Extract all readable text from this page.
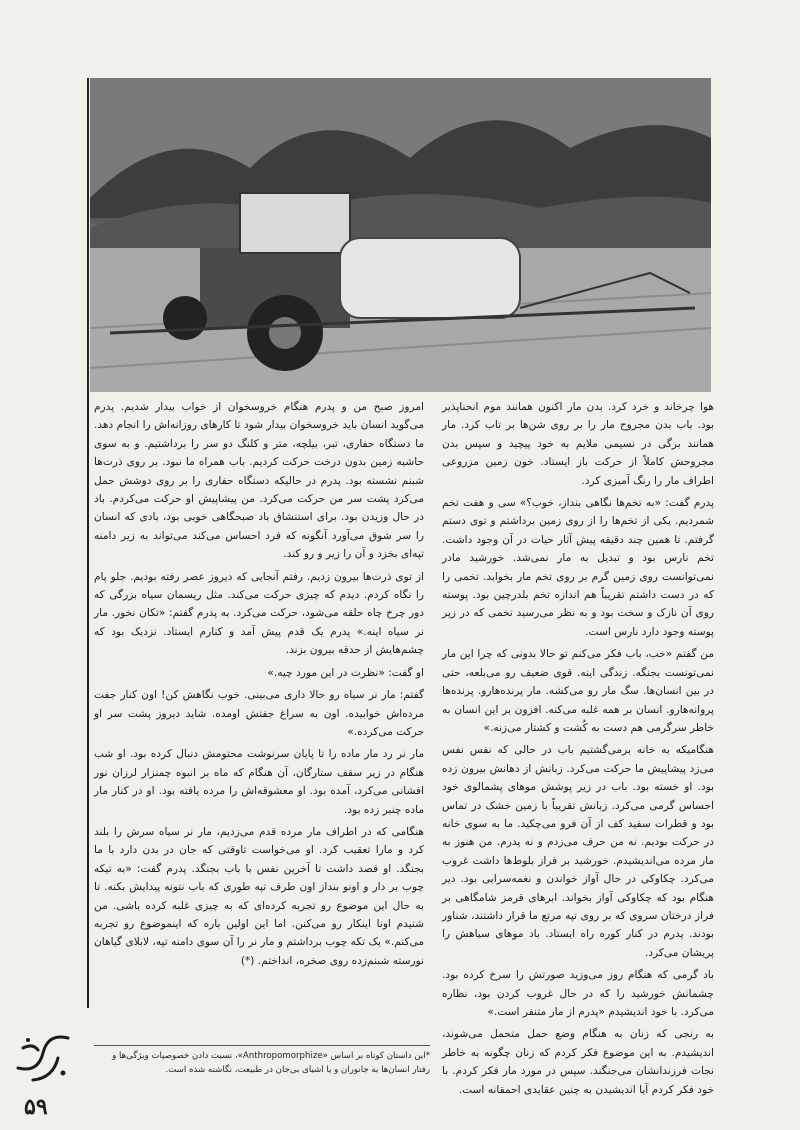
هوا چرخاند و خرد کرد. بدن مار اکنون همانند موم انحناپذیر بود. باب بدن مجروح مار را بر روی شن‌ها بر تاب کرد. مار همانند برگی در نسیمی ملایم به خود پیچید و سپس بدن مجروحش کاملاً از حرکت باز ایستاد. خون زمین مزروعی اطراف مار را رنگ آمیزی کرد.

پدرم گفت: «به تخم‌ها نگاهی بنداز، خوب؟» سی و هفت تخم شمردیم. یکی از تخم‌ها را از روی زمین برداشتم و توی دستم گرفتم. تا همین چند دقیقه پیش آثار حیات در آن وجود داشت. تخم نارس بود و تبدیل به مار نمی‌شد. خورشید مادر نمی‌توانست روی زمین گرم بر روی تخم مار بخوابد. تخمی را که در دست داشتم تقریباً هم اندازه تخم بلدرچین بود. پوسته روی آن نازک و سخت بود و به نظر می‌رسید تخمی که در زیر پوسته وجود دارد نارس است.

من گفتم «خب، باب فکر می‌کنم تو حالا بدونی که چرا این مار نمی‌تونست بجنگه. زندگی اینه. قوی ضعیف رو می‌بلعه، حتی در بین انسان‌ها. سگ مار رو می‌کشه. مار پرنده‌هارو. پرنده‌ها پروانه‌هارو. انسان بر همه غلبه می‌کنه. افزون بر این انسان به خاطر سرگرمی هم دست به کُشت و کشتار می‌زنه.»

هنگامیکه به خانه برمی‌گشتیم باب در حالی که نفس نفس می‌زد پیشاپیش ما حرکت می‌کرد. زبانش از دهانش بیرون زده بود. او خسته بود. باب در زیر پوشش موهای پشمالوی خود احساس گرمی می‌کرد. زبانش تقریباً با زمین خشک در تماس بود و قطرات سفید کف از آن فرو می‌چکید. ما به سوی خانه در حرکت بودیم. نه من حرف می‌زدم و نه پدرم. من هنوز به مار مرده می‌اندیشیدم. خورشید بر فراز بلوط‌ها داشت غروب می‌کرد. چکاوکی در حال آواز خواندن و نغمه‌سرایی بود. دیر هنگام بود که چکاوکی آواز بخواند. ابرهای قرمز شامگاهی بر فراز درختان سروی که بر روی تپه مرتع ما قرار داشتند، شناور بودند. پدرم در کنار کوره راه ایستاد. باد موهای سیاهش را پریشان می‌کرد.

باد گرمی که هنگام روز می‌وزید صورتش را سرخ کرده بود. چشمانش خورشید را که در حال غروب کردن بود، نظاره می‌کرد. با خود اندیشیدم «پدرم از مار متنفر است.»

به رنجی که زنان به هنگام وضع حمل متحمل می‌شوند، اندیشیدم. به این موضوع فکر کردم که زنان چگونه به خاطر نجات فرزندانشان می‌جنگند. سپس در مورد مار فکر کردم. با خود فکر کردم آیا اندیشیدن به چنین عقایدی احمقانه است.

امروز صبح من و پدرم هنگام خروسخوان از خواب بیدار شدیم. پدرم می‌گوید انسان باید خروسخوان بیدار شود تا کارهای روزانه‌اش را انجام دهد. ما دستگاه حفاری، تبر، بیلچه، متر و کلنگ دو سر را برداشتیم. و به سوی حاشیه زمین بدون درخت حرکت کردیم. باب همراه ما نبود. بر روی ذرت‌ها شبنم نشسته بود. پدرم در حالیکه دستگاه حفاری را بر روی دوشش حمل می‌کرد پشت سر من حرکت می‌کرد. من پیشاپیش او حرکت می‌کردم. باد در حال وزیدن بود. برای استنشاق باد صبحگاهی خوبی بود، بادی که انسان را سر شوق می‌آورد آنگونه که فرد احساس می‌کند می‌تواند به زیر دامنه تپه‌ای بخزد و آن را زیر و رو کند.

از توی ذرت‌ها بیرون زدیم. رفتم آنجایی که دیروز عصر رفته بودیم. جلو پام را نگاه کردم. دیدم که چیزی حرکت می‌کند. مثل ریسمان سیاه بزرگی که دور چرخ چاه حلقه می‌شود، حرکت می‌کرد. به پدرم گفتم: «تکان نخور. مار نر سیاه اینه.» پدرم یک قدم پیش آمد و کنارم ایستاد. نزدیک بود که چشم‌هایش از حدقه بیرون بزند.

او گفت: «نظرت در این مورد چیه.»

گفتم: مار نر سیاه رو حالا داری می‌بینی. خوب نگاهش کن! اون کنار جفت مرده‌اش خوابیده. اون به سراغ جفتش اومده. شاید دیروز پشت سر او حرکت می‌کرده.»

مار نر رد مار ماده را تا پایان سرنوشت محتومش دنبال کرده بود. او شب هنگام در زیر سقف ستارگان، آن هنگام که ماه بر انبوه چمنزار لرزان نور افشانی می‌کرد، آمده بود. او معشوقه‌اش را مرده یافته بود. او در کنار مار ماده چنبر زده بود.

هنگامی که در اطراف مار مرده قدم می‌زدیم، مار نر سیاه سرش را بلند کرد و مارا تعقیب کرد. او می‌خواست تاوقتی که جان در بدن دارد با ما بجنگد. او قصد داشت تا آخرین نفس با باب بجنگد. پدرم گفت: «به تیکه چوب بر دار و اونو بنداز اون طرف تپه طوری که باب نتونه پیدایش بکنه. تا به حال این موضوع رو تجربه کرده‌ای که به چیزی غلبه کرده باشی. من شنیدم اونا اینکار رو می‌کنن. اما این اولین باره که اینموضوع رو تجربه می‌کنم.» یک تکه چوب برداشتم و مار نر را آن سوی دامنه تپه، لابلای گیاهان نورسته شبنم‌زده روی صخره، انداختم. (*)

*این داستان کوتاه بر اساس «Anthropomorphize»، نسبت دادن خصوصیات ویژگی‌ها و رفتار انسان‌ها به جانوران و یا اشیای بی‌جان در طبیعت، نگاشته شده است.
۵۹
